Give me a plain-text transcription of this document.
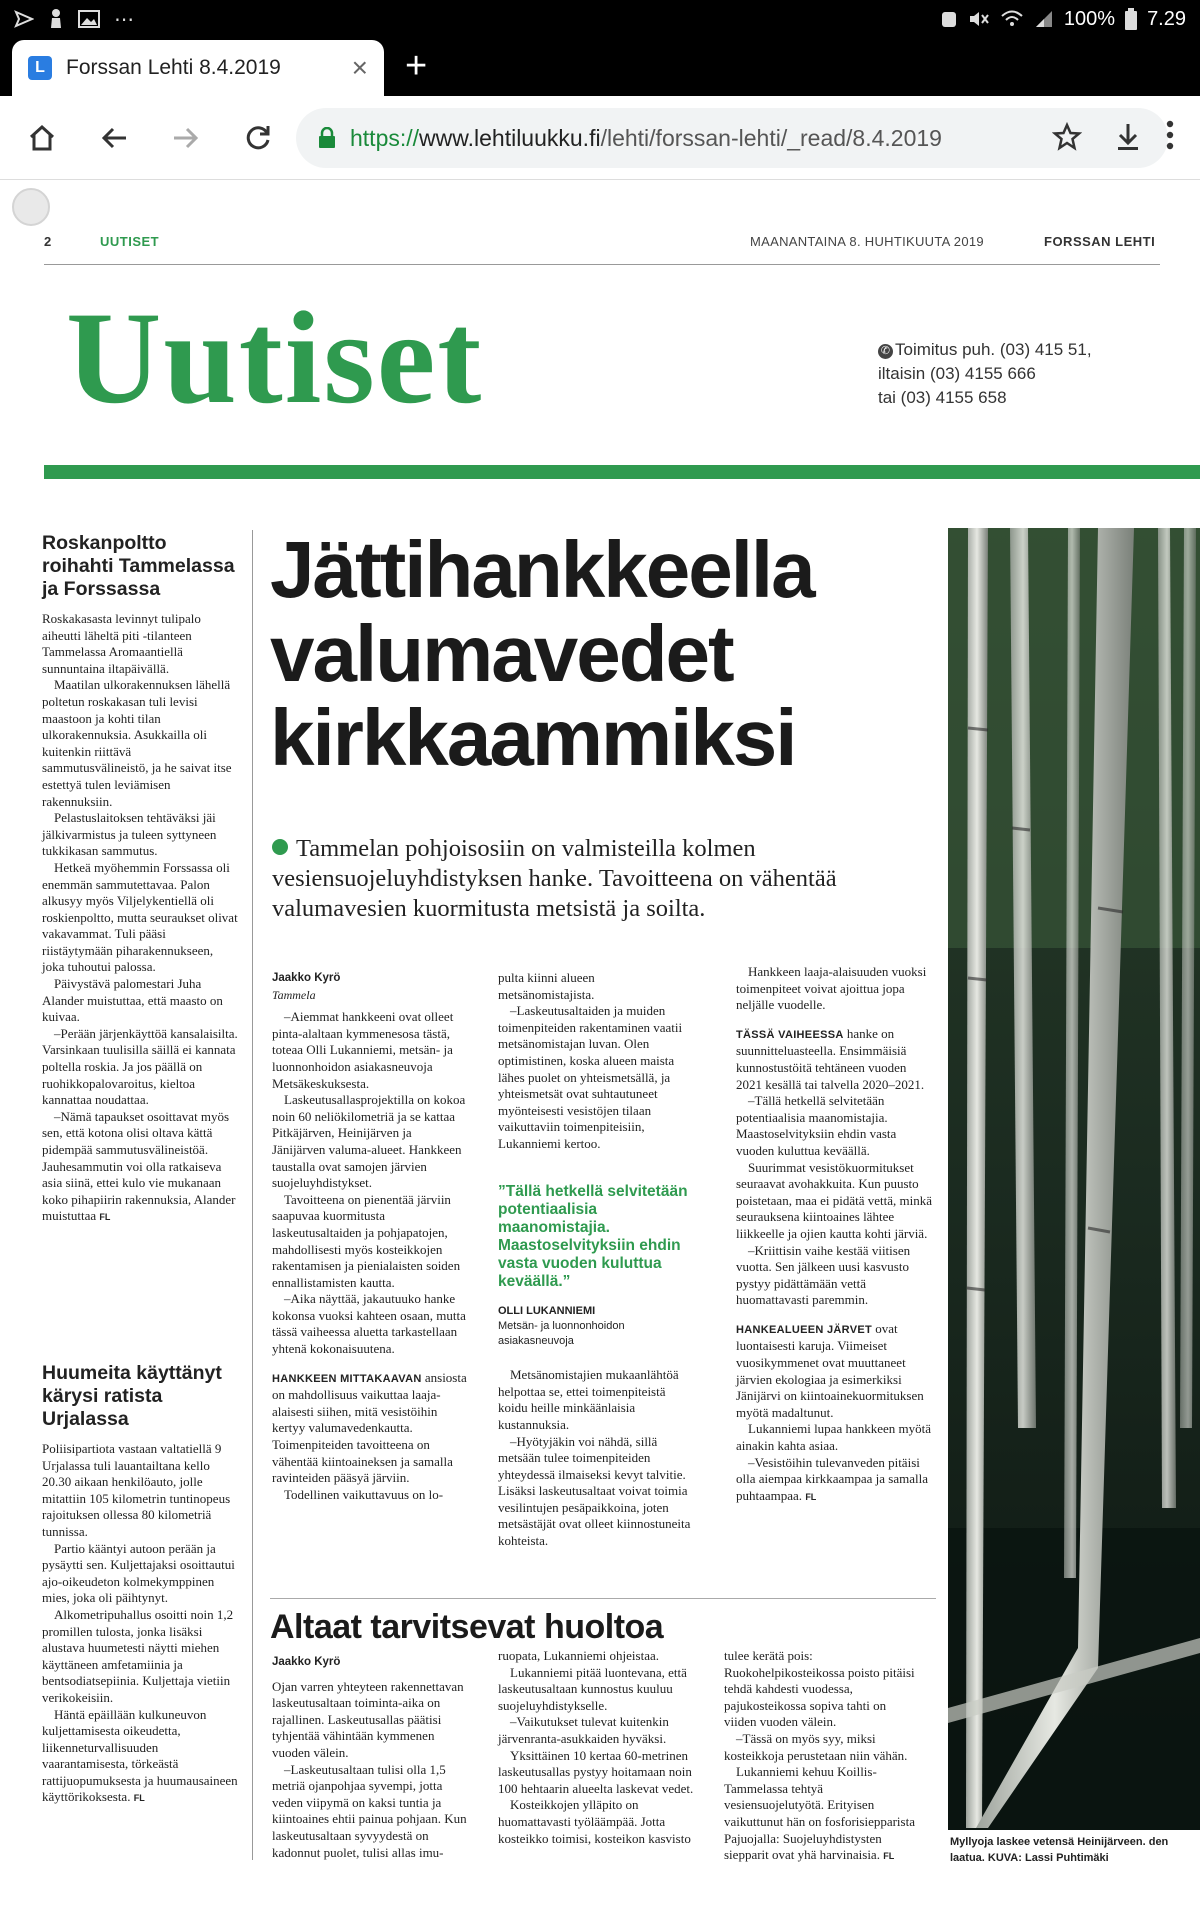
⋯	100% 7.29
L	Forssan Lehti 8.4.2019	× +
https://www.lehtiluukku.fi/lehti/forssan-lehti/_read/8.4.2019
2	UUTISET	MAANANTAINA 8. HUHTIKUUTA 2019	FORSSAN LEHTI
Uutiset	✆ Toimitus puh. (03) 415 51,
iltaisin (03) 4155 666
tai (03) 4155 658
Roskanpoltto roihahti Tammelassa ja Forssassa

Roskakasasta levinnyt tulipalo aiheutti läheltä piti -tilanteen Tammelassa Aromaantiellä sunnuntaina iltapäivällä.

Maatilan ulkorakennuksen lähellä poltetun roskakasan tuli levisi maastoon ja kohti tilan ulkorakennuksia. Asukkailla oli kuitenkin riittävä sammutusvälineistö, ja he saivat itse estettyä tulen leviämisen rakennuksiin.

Pelastuslaitoksen tehtäväksi jäi jälkivarmistus ja tuleen syttyneen tukkikasan sammutus.

Hetkeä myöhemmin Forssassa oli enemmän sammutettavaa. Palon alkusyy myös Viljelykentiellä oli roskienpoltto, mutta seuraukset olivat vakavammat. Tuli pääsi riistäytymään piharakennukseen, joka tuhoutui palossa.

Päivystävä palomestari Juha Alander muistuttaa, että maasto on kuivaa.

–Perään järjenkäyttöä kansalaisilta. Varsinkaan tuulisilla säillä ei kannata poltella roskia. Ja jos päällä on ruohikkopalovaroitus, kieltoa kannattaa noudattaa.

–Nämä tapaukset osoittavat myös sen, että kotona olisi oltava kättä pidempää sammutusvälineistöä. Jauhesammutin voi olla ratkaiseva asia siinä, ettei kulo vie mukanaan koko pihapiirin rakennuksia, Alander muistuttaa FL

Huumeita käyttänyt kärysi ratista Urjalassa

Poliisipartiota vastaan valtatiellä 9 Urjalassa tuli lauantailtana kello 20.30 aikaan henkilöauto, jolle mitattiin 105 kilometrin tuntinopeus rajoituksen ollessa 80 kilometriä tunnissa.

Partio kääntyi autoon perään ja pysäytti sen. Kuljettajaksi osoittautui ajo-oikeudeton kolmekymppinen mies, joka oli päihtynyt.

Alkometripuhallus osoitti noin 1,2 promillen tulosta, jonka lisäksi alustava huumetesti näytti miehen käyttäneen amfetamiinia ja bentsodiatsepiinia. Kuljettaja vietiin verikokeisiin.

Häntä epäillään kulkuneuvon kuljettamisesta oikeudetta, liikenneturvallisuuden vaarantamisesta, törkeästä rattijuopumuksesta ja huumausaineen käyttörikoksesta. FL

Jättihankkeella valumavedet kirkkaammiksi
Tammelan pohjoisosiin on valmisteilla kolmen vesiensuojeluyhdistyksen hanke. Tavoitteena on vähentää valumavesien kuormitusta metsistä ja soilta.
Jaakko Kyrö
Tammela

–Aiemmat hankkeeni ovat olleet pinta-alaltaan kymmenesosa tästä, toteaa Olli Lukanniemi, metsän- ja luonnonhoidon asiakasneuvoja Metsäkeskuksesta.

Laskeutusallasprojektilla on kokoa noin 60 neliökilometriä ja se kattaa Pitkäjärven, Heinijärven ja Jänijärven valuma-alueet. Hankkeen taustalla ovat samojen järvien suojeluyhdistykset.

Tavoitteena on pienentää järviin saapuvaa kuormitusta laskeutusaltaiden ja pohjapatojen, mahdollisesti myös kosteikkojen rakentamisen ja pienialaisten soiden ennallistamisten kautta.

–Aika näyttää, jakautuuko hanke kokonsa vuoksi kahteen osaan, mutta tässä vaiheessa aluetta tarkastellaan yhtenä kokonaisuutena.

HANKKEEN MITTAKAAVAN ansiosta on mahdollisuus vaikuttaa laaja-alaisesti siihen, mitä vesistöihin kertyy valumavedenkautta. Toimenpiteiden tavoitteena on vähentää kiintoaineksen ja samalla ravinteiden pääsyä järviin.

Todellinen vaikuttavuus on lo-

pulta kiinni alueen metsänomistajista.

–Laskeutusaltaiden ja muiden toimenpiteiden rakentaminen vaatii metsänomistajan luvan. Olen optimistinen, koska alueen maista lähes puolet on yhteismetsällä, ja yhteismetsät ovat suhtautuneet myönteisesti vesistöjen tilaan vaikuttaviin toimenpiteisiin, Lukanniemi kertoo.

”Tällä hetkellä selvitetään potentiaalisia maanomistajia. Maastoselvityksiin ehdin vasta vuoden kuluttua keväällä.”
OLLI LUKANNIEMI
Metsän- ja luonnonhoidon asiakasneuvoja

Metsänomistajien mukaanlähtöä helpottaa se, ettei toimenpiteistä koidu heille minkäänlaisia kustannuksia.

–Hyötyjäkin voi nähdä, sillä metsään tulee toimenpiteiden yhteydessä ilmaiseksi kevyt talvitie. Lisäksi laskeutusaltaat voivat toimia vesilintujen pesäpaikkoina, joten metsästäjät ovat olleet kiinnostuneita kohteista.

Hankkeen laaja-alaisuuden vuoksi toimenpiteet voivat ajoittua jopa neljälle vuodelle.

TÄSSÄ VAIHEESSA hanke on suunnitteluasteella. Ensimmäisiä kunnostustöitä tehtäneen vuoden 2021 kesällä tai talvella 2020–2021.

–Tällä hetkellä selvitetään potentiaalisia maanomistajia. Maastoselvityksiin ehdin vasta vuoden kuluttua keväällä.

Suurimmat vesistökuormitukset seuraavat avohakkuita. Kun puusto poistetaan, maa ei pidätä vettä, minkä seurauksena kiintoaines lähtee liikkeelle ja ojien kautta kohti järviä.

–Kriittisin vaihe kestää viitisen vuotta. Sen jälkeen uusi kasvusto pystyy pidättämään vettä huomattavasti paremmin.

HANKEALUEEN JÄRVET ovat luontaisesti karuja. Viimeiset vuosikymmenet ovat muuttaneet järvien ekologiaa ja esimerkiksi Jänijärvi on kiintoainekuormituksen myötä madaltunut.

Lukanniemi lupaa hankkeen myötä ainakin kahta asiaa.

–Vesistöihin tulevanveden pitäisi olla aiempaa kirkkaampaa ja samalla puhtaampaa. FL

Myllyoja laskee vetensä Heinijärveen. den laatua. KUVA: Lassi Puhtimäki
Altaat tarvitsevat huoltoa
Jaakko Kyrö

Ojan varren yhteyteen rakennettavan laskeutusaltaan toiminta-aika on rajallinen. Laskeutusallas päätisi tyhjentää vähintään kymmenen vuoden välein.

–Laskeutusaltaan tulisi olla 1,5 metriä ojanpohjaa syvempi, jotta veden viipymä on kaksi tuntia ja kiintoaines ehtii painua pohjaan. Kun laskeutusaltaan syvyydestä on kadonnut puolet, tulisi allas imu-

ruopata, Lukanniemi ohjeistaa.

Lukanniemi pitää luontevana, että laskeutusaltaan kunnostus kuuluu suojeluyhdistykselle.

–Vaikutukset tulevat kuitenkin järvenranta-asukkaiden hyväksi.

Yksittäinen 10 kertaa 60-metrinen laskeutusallas pystyy hoitamaan noin 100 hehtaarin alueelta laskevat vedet.

Kosteikkojen ylläpito on huomattavasti työläämpää. Jotta kosteikko toimisi, kosteikon kasvisto

tulee kerätä pois: Ruokohelpikosteikossa poisto pitäisi tehdä kahdesti vuodessa, pajukosteikossa sopiva tahti on viiden vuoden välein.

–Tässä on myös syy, miksi kosteikkoja perustetaan niin vähän.

Lukanniemi kehuu Koillis-Tammelassa tehtyä vesiensuojelutyötä. Erityisen vaikuttunut hän on fosforisiepparista Pajuojalla: Suojeluyhdistysten siepparit ovat yhä harvinaisia. FL
